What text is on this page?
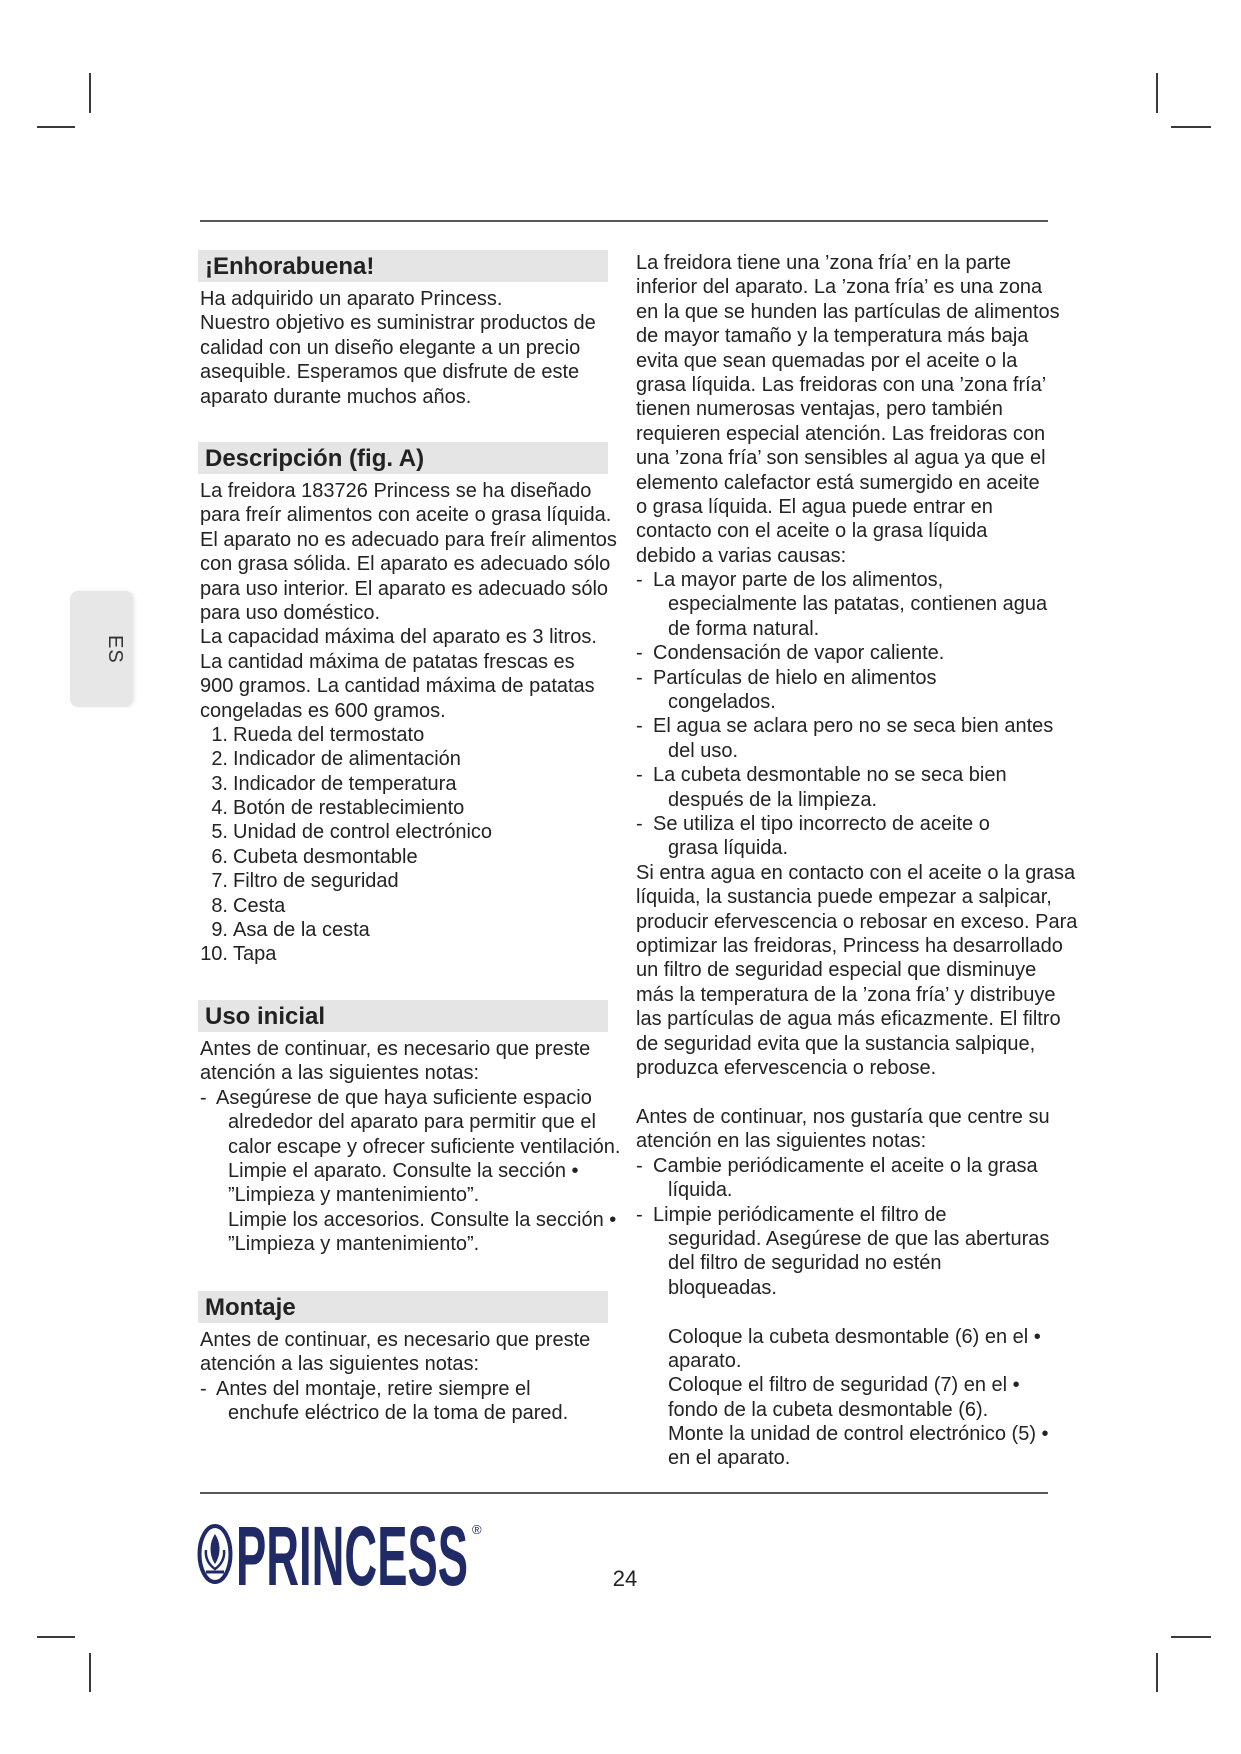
ES
¡Enhorabuena!
Ha adquirido un aparato Princess.
Nuestro objetivo es suministrar productos de
calidad con un diseño elegante a un precio
asequible. Esperamos que disfrute de este
aparato durante muchos años.
Descripción (fig. A)
La freidora 183726 Princess se ha diseñado
para freír alimentos con aceite o grasa líquida.
El aparato no es adecuado para freír alimentos
con grasa sólida. El aparato es adecuado sólo
para uso interior. El aparato es adecuado sólo
para uso doméstico.
La capacidad máxima del aparato es 3 litros.
La cantidad máxima de patatas frescas es
900 gramos. La cantidad máxima de patatas
congeladas es 600 gramos.
1. Rueda del termostato
2. Indicador de alimentación
3. Indicador de temperatura
4. Botón de restablecimiento
5. Unidad de control electrónico
6. Cubeta desmontable
7. Filtro de seguridad
8. Cesta
9. Asa de la cesta
10. Tapa
Uso inicial
Antes de continuar, es necesario que preste
atención a las siguientes notas:
- Asegúrese de que haya suficiente espacio
alrededor del aparato para permitir que el
calor escape y ofrecer suficiente ventilación.
Limpie el aparato. Consulte la sección •
”Limpieza y mantenimiento”.
Limpie los accesorios. Consulte la sección •
”Limpieza y mantenimiento”.
Montaje
Antes de continuar, es necesario que preste
atención a las siguientes notas:
- Antes del montaje, retire siempre el
enchufe eléctrico de la toma de pared.
La freidora tiene una ’zona fría’ en la parte
inferior del aparato. La ’zona fría’ es una zona
en la que se hunden las partículas de alimentos
de mayor tamaño y la temperatura más baja
evita que sean quemadas por el aceite o la
grasa líquida. Las freidoras con una ’zona fría’
tienen numerosas ventajas, pero también
requieren especial atención. Las freidoras con
una ’zona fría’ son sensibles al agua ya que el
elemento calefactor está sumergido en aceite
o grasa líquida. El agua puede entrar en
contacto con el aceite o la grasa líquida
debido a varias causas:
- La mayor parte de los alimentos,
especialmente las patatas, contienen agua
de forma natural.
- Condensación de vapor caliente.
- Partículas de hielo en alimentos
congelados.
- El agua se aclara pero no se seca bien antes
del uso.
- La cubeta desmontable no se seca bien
después de la limpieza.
- Se utiliza el tipo incorrecto de aceite o
grasa líquida.
Si entra agua en contacto con el aceite o la grasa
líquida, la sustancia puede empezar a salpicar,
producir efervescencia o rebosar en exceso. Para
optimizar las freidoras, Princess ha desarrollado
un filtro de seguridad especial que disminuye
más la temperatura de la ’zona fría’ y distribuye
las partículas de agua más eficazmente. El filtro
de seguridad evita que la sustancia salpique,
produzca efervescencia o rebose.
Antes de continuar, nos gustaría que centre su
atención en las siguientes notas:
- Cambie periódicamente el aceite o la grasa
líquida.
- Limpie periódicamente el filtro de
seguridad. Asegúrese de que las aberturas
del filtro de seguridad no estén
bloqueadas.
Coloque la cubeta desmontable (6) en el •
aparato.
Coloque el filtro de seguridad (7) en el •
fondo de la cubeta desmontable (6).
Monte la unidad de control electrónico (5) •
en el aparato.
PRINCESS ®
24
